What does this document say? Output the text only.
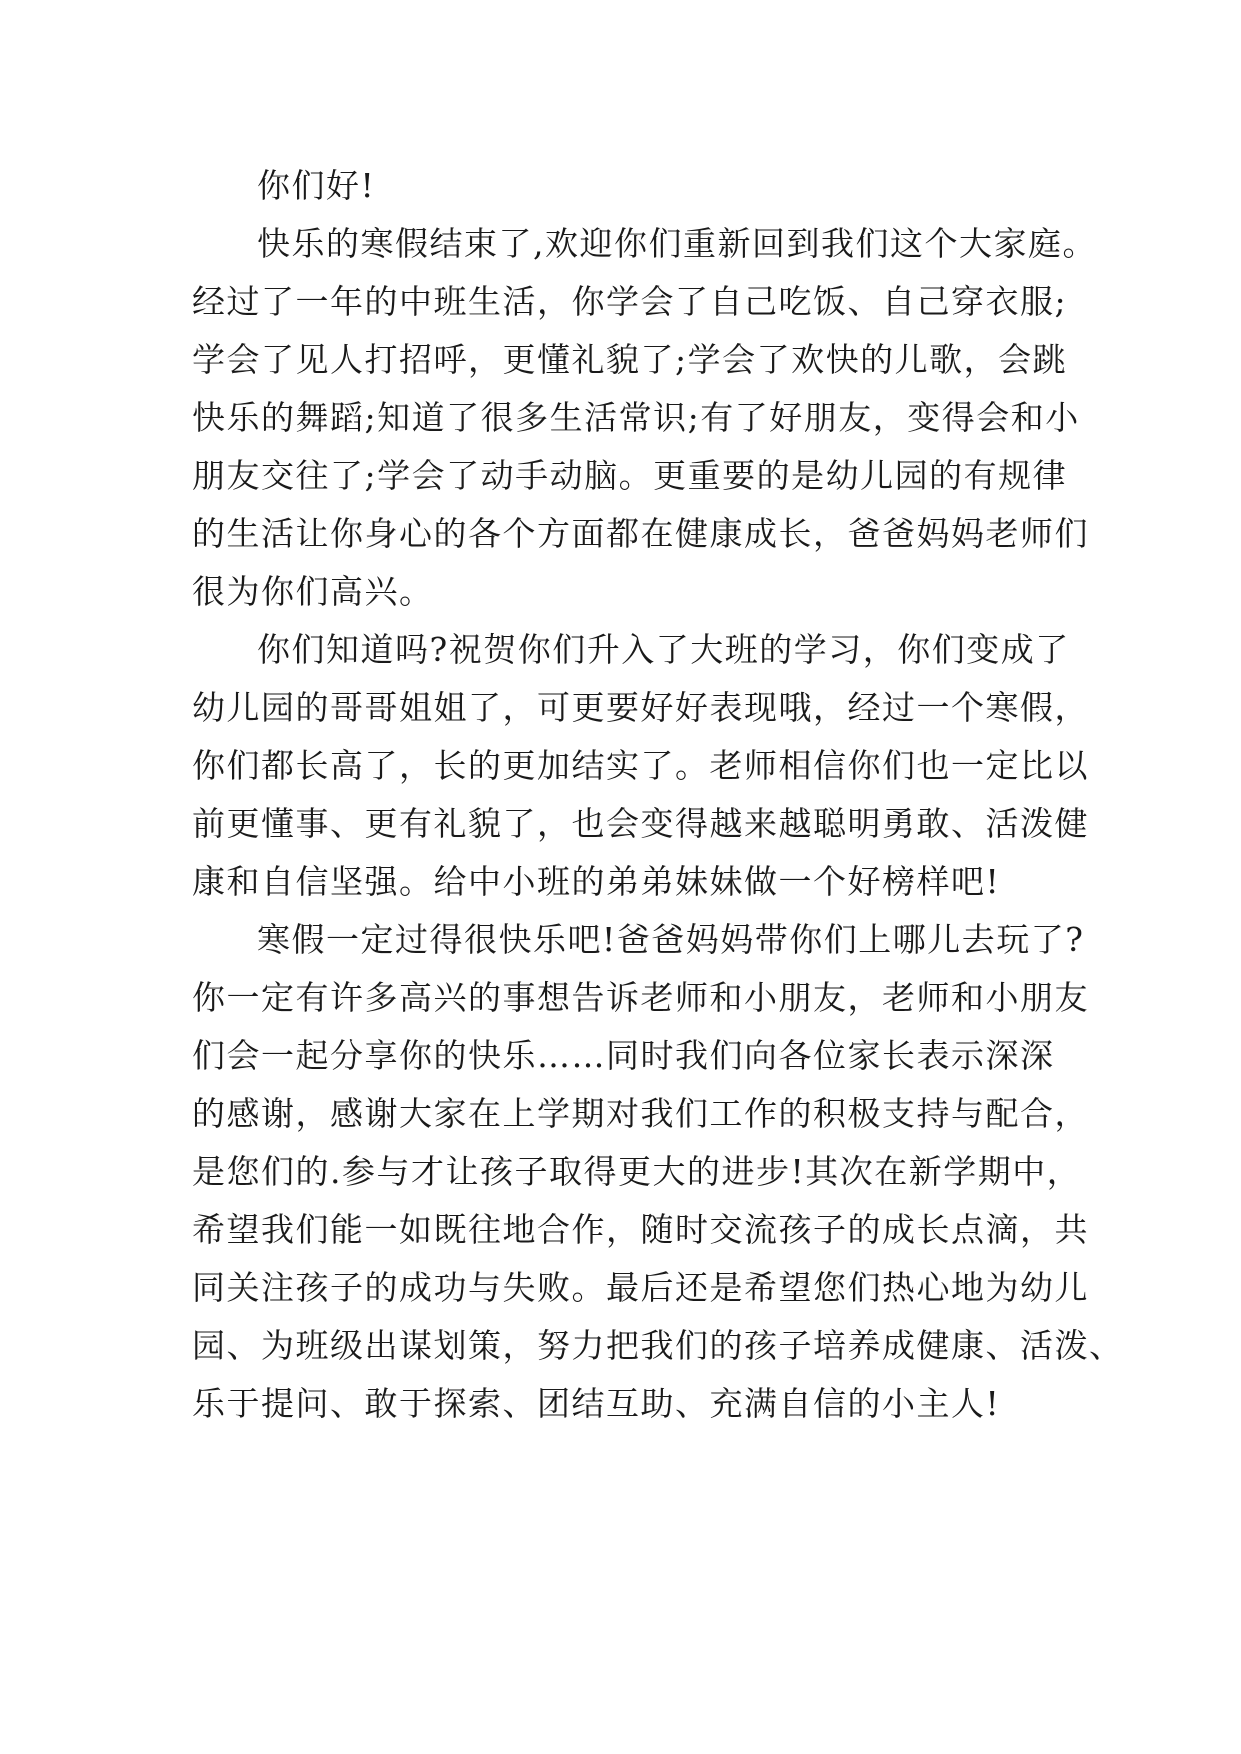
你们好!
快乐的寒假结束了,欢迎你们重新回到我们这个大家庭。
经过了一年的中班生活，你学会了自己吃饭、自己穿衣服;
学会了见人打招呼，更懂礼貌了;学会了欢快的儿歌，会跳
快乐的舞蹈;知道了很多生活常识;有了好朋友，变得会和小
朋友交往了;学会了动手动脑。更重要的是幼儿园的有规律
的生活让你身心的各个方面都在健康成长，爸爸妈妈老师们
很为你们高兴。
你们知道吗?祝贺你们升入了大班的学习，你们变成了
幼儿园的哥哥姐姐了，可更要好好表现哦，经过一个寒假，
你们都长高了，长的更加结实了。老师相信你们也一定比以
前更懂事、更有礼貌了，也会变得越来越聪明勇敢、活泼健
康和自信坚强。给中小班的弟弟妹妹做一个好榜样吧!
寒假一定过得很快乐吧!爸爸妈妈带你们上哪儿去玩了?
你一定有许多高兴的事想告诉老师和小朋友，老师和小朋友
们会一起分享你的快乐……同时我们向各位家长表示深深
的感谢，感谢大家在上学期对我们工作的积极支持与配合，
是您们的.参与才让孩子取得更大的进步!其次在新学期中，
希望我们能一如既往地合作，随时交流孩子的成长点滴，共
同关注孩子的成功与失败。最后还是希望您们热心地为幼儿
园、为班级出谋划策，努力把我们的孩子培养成健康、活泼、
乐于提问、敢于探索、团结互助、充满自信的小主人!
